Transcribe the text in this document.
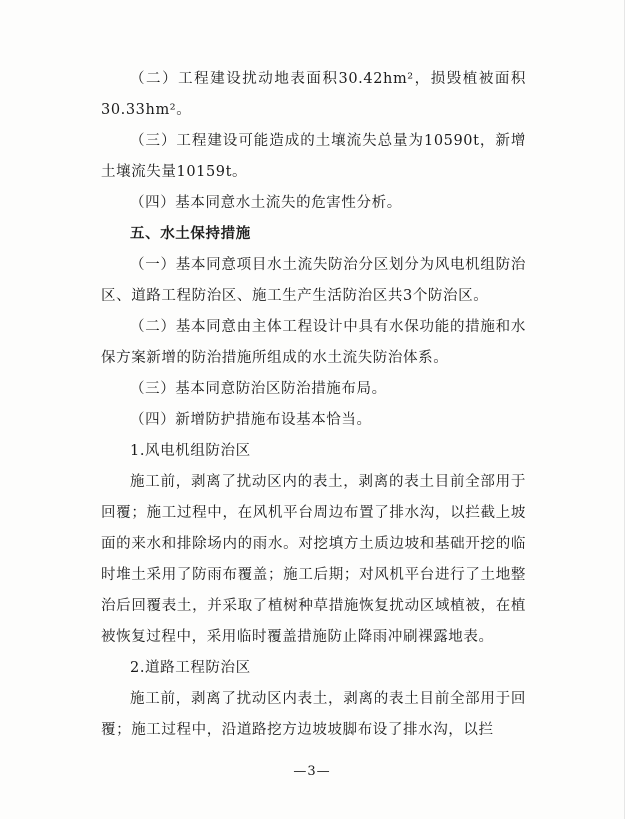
（二）工程建设扰动地表面积30.42hm²，损毁植被面积30.33hm²。

（三）工程建设可能造成的土壤流失总量为10590t，新增土壤流失量10159t。

（四）基本同意水土流失的危害性分析。

五、水土保持措施

（一）基本同意项目水土流失防治分区划分为风电机组防治区、道路工程防治区、施工生产生活防治区共3个防治区。

（二）基本同意由主体工程设计中具有水保功能的措施和水保方案新增的防治措施所组成的水土流失防治体系。

（三）基本同意防治区防治措施布局。

（四）新增防护措施布设基本恰当。

1.风电机组防治区

施工前，剥离了扰动区内的表土，剥离的表土目前全部用于回覆；施工过程中，在风机平台周边布置了排水沟，以拦截上坡面的来水和排除场内的雨水。对挖填方土质边坡和基础开挖的临时堆土采用了防雨布覆盖；施工后期；对风机平台进行了土地整治后回覆表土，并采取了植树种草措施恢复扰动区域植被，在植被恢复过程中，采用临时覆盖措施防止降雨冲刷裸露地表。

2.道路工程防治区

施工前，剥离了扰动区内表土，剥离的表土目前全部用于回覆；施工过程中，沿道路挖方边坡坡脚布设了排水沟，以拦

—3—
